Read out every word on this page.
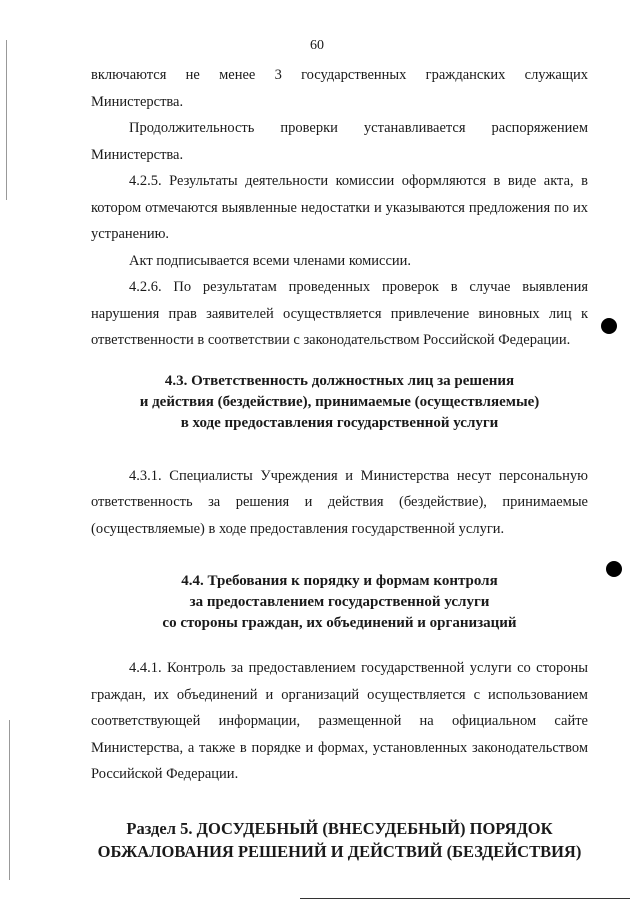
60

включаются не менее 3 государственных гражданских служащих Министерства.

Продолжительность проверки устанавливается распоряжением Министерства.

4.2.5. Результаты деятельности комиссии оформляются в виде акта, в котором отмечаются выявленные недостатки и указываются предложения по их устранению.

Акт подписывается всеми членами комиссии.

4.2.6. По результатам проведенных проверок в случае выявления нарушения прав заявителей осуществляется привлечение виновных лиц к ответственности в соответствии с законодательством Российской Федерации.

4.3. Ответственность должностных лиц за решения
и действия (бездействие), принимаемые (осуществляемые)
в ходе предоставления государственной услуги

4.3.1. Специалисты Учреждения и Министерства несут персональную ответственность за решения и действия (бездействие), принимаемые (осуществляемые) в ходе предоставления государственной услуги.

4.4. Требования к порядку и формам контроля
за предоставлением государственной услуги
со стороны граждан, их объединений и организаций

4.4.1. Контроль за предоставлением государственной услуги со стороны граждан, их объединений и организаций осуществляется с использованием соответствующей информации, размещенной на официальном сайте Министерства, а также в порядке и формах, установленных законодательством Российской Федерации.

Раздел 5. ДОСУДЕБНЫЙ (ВНЕСУДЕБНЫЙ) ПОРЯДОК
ОБЖАЛОВАНИЯ РЕШЕНИЙ И ДЕЙСТВИЙ (БЕЗДЕЙСТВИЯ)
